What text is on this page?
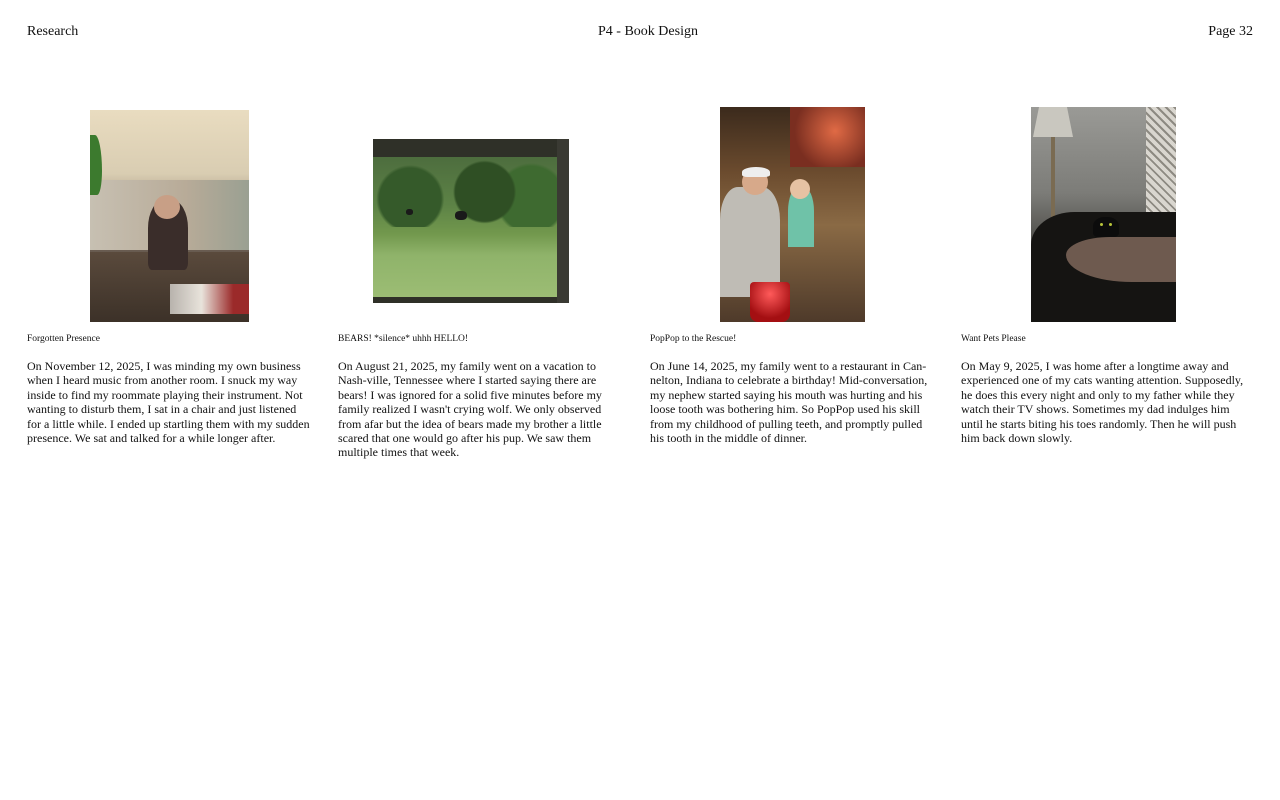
Research	P4 - Book Design	Page 32
Forgotten Presence
On November 12, 2025, I was minding my own business when I heard music from another room. I snuck my way inside to find my roommate playing their instrument. Not wanting to disturb them, I sat in a chair and just listened for a little while. I ended up startling them with my sudden presence. We sat and talked for a while longer after.
BEARS! *silence* uhhh HELLO!
On August 21, 2025, my family went on a vacation to Nash-ville, Tennessee where I started saying there are bears! I was ignored for a solid five minutes before my family realized I wasn't crying wolf. We only observed from afar but the idea of bears made my brother a little scared that one would go after his pup. We saw them multiple times that week.
PopPop to the Rescue!
On June 14, 2025, my family went to a restaurant in Can-nelton, Indiana to celebrate a birthday! Mid-conversation, my nephew started saying his mouth was hurting and his loose tooth was bothering him. So PopPop used his skill from my childhood of pulling teeth, and promptly pulled his tooth in the middle of dinner.
Want Pets Please
On May 9, 2025, I was home after a longtime away and experienced one of my cats wanting attention. Supposedly, he does this every night and only to my father while they watch their TV shows. Sometimes my dad indulges him until he starts biting his toes randomly. Then he will push him back down slowly.
